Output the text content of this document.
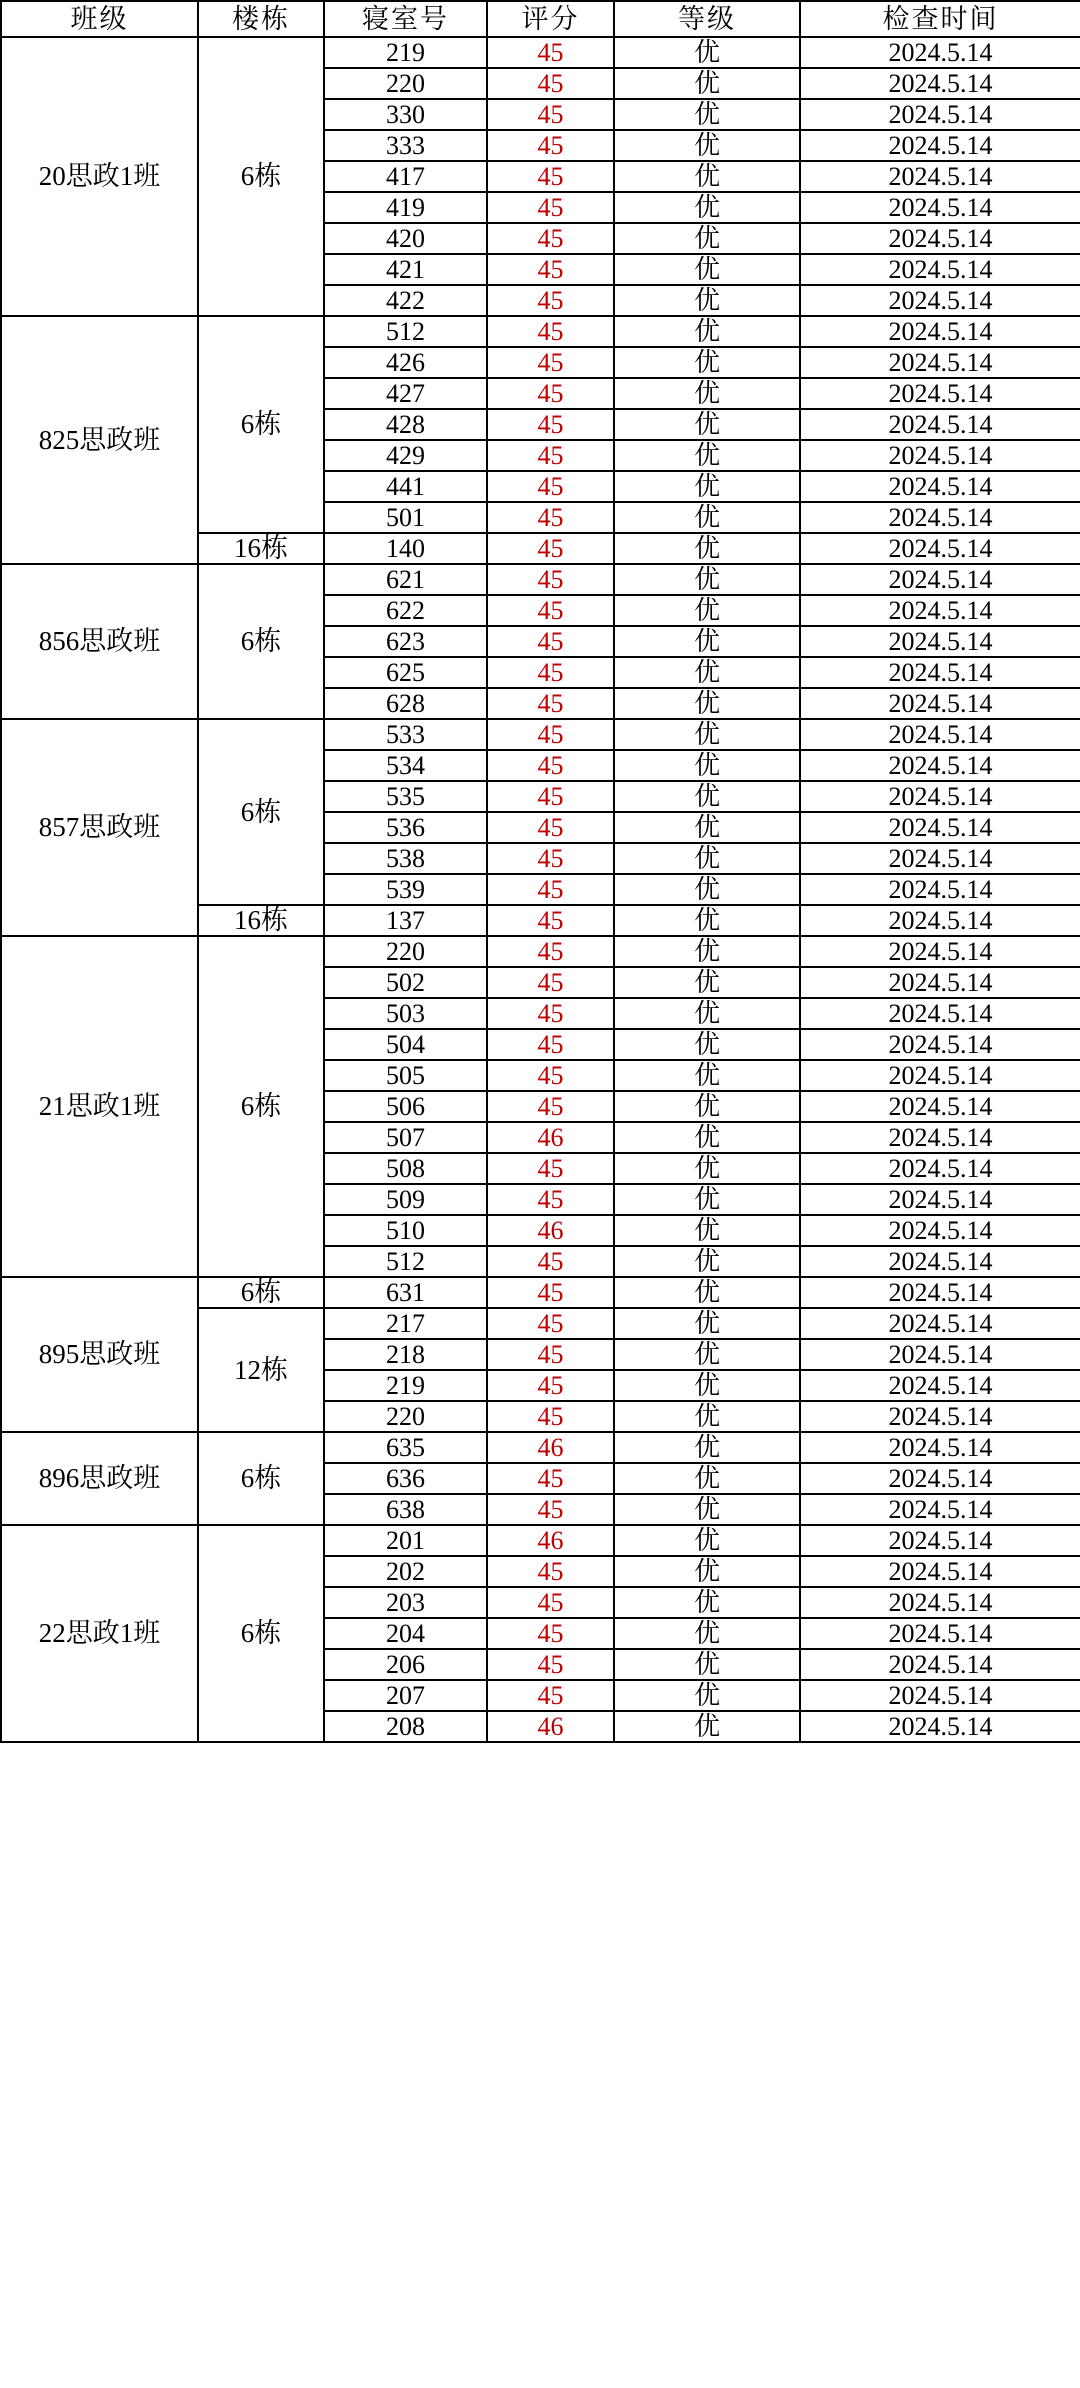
班级	楼栋	寝室号	评分	等级	检查时间
20思政1班	6栋	219	45	优	2024.5.14
		220	45	优	2024.5.14
		330	45	优	2024.5.14
		333	45	优	2024.5.14
		417	45	优	2024.5.14
		419	45	优	2024.5.14
		420	45	优	2024.5.14
		421	45	优	2024.5.14
		422	45	优	2024.5.14
825思政班	6栋	512	45	优	2024.5.14
		426	45	优	2024.5.14
		427	45	优	2024.5.14
		428	45	优	2024.5.14
		429	45	优	2024.5.14
		441	45	优	2024.5.14
		501	45	优	2024.5.14
	16栋	140	45	优	2024.5.14
856思政班	6栋	621	45	优	2024.5.14
		622	45	优	2024.5.14
		623	45	优	2024.5.14
		625	45	优	2024.5.14
		628	45	优	2024.5.14
857思政班	6栋	533	45	优	2024.5.14
		534	45	优	2024.5.14
		535	45	优	2024.5.14
		536	45	优	2024.5.14
		538	45	优	2024.5.14
		539	45	优	2024.5.14
	16栋	137	45	优	2024.5.14
21思政1班	6栋	220	45	优	2024.5.14
		502	45	优	2024.5.14
		503	45	优	2024.5.14
		504	45	优	2024.5.14
		505	45	优	2024.5.14
		506	45	优	2024.5.14
		507	46	优	2024.5.14
		508	45	优	2024.5.14
		509	45	优	2024.5.14
		510	46	优	2024.5.14
		512	45	优	2024.5.14
895思政班	6栋	631	45	优	2024.5.14
	12栋	217	45	优	2024.5.14
		218	45	优	2024.5.14
		219	45	优	2024.5.14
		220	45	优	2024.5.14
896思政班	6栋	635	46	优	2024.5.14
		636	45	优	2024.5.14
		638	45	优	2024.5.14
22思政1班	6栋	201	46	优	2024.5.14
		202	45	优	2024.5.14
		203	45	优	2024.5.14
		204	45	优	2024.5.14
		206	45	优	2024.5.14
		207	45	优	2024.5.14
		208	46	优	2024.5.14
